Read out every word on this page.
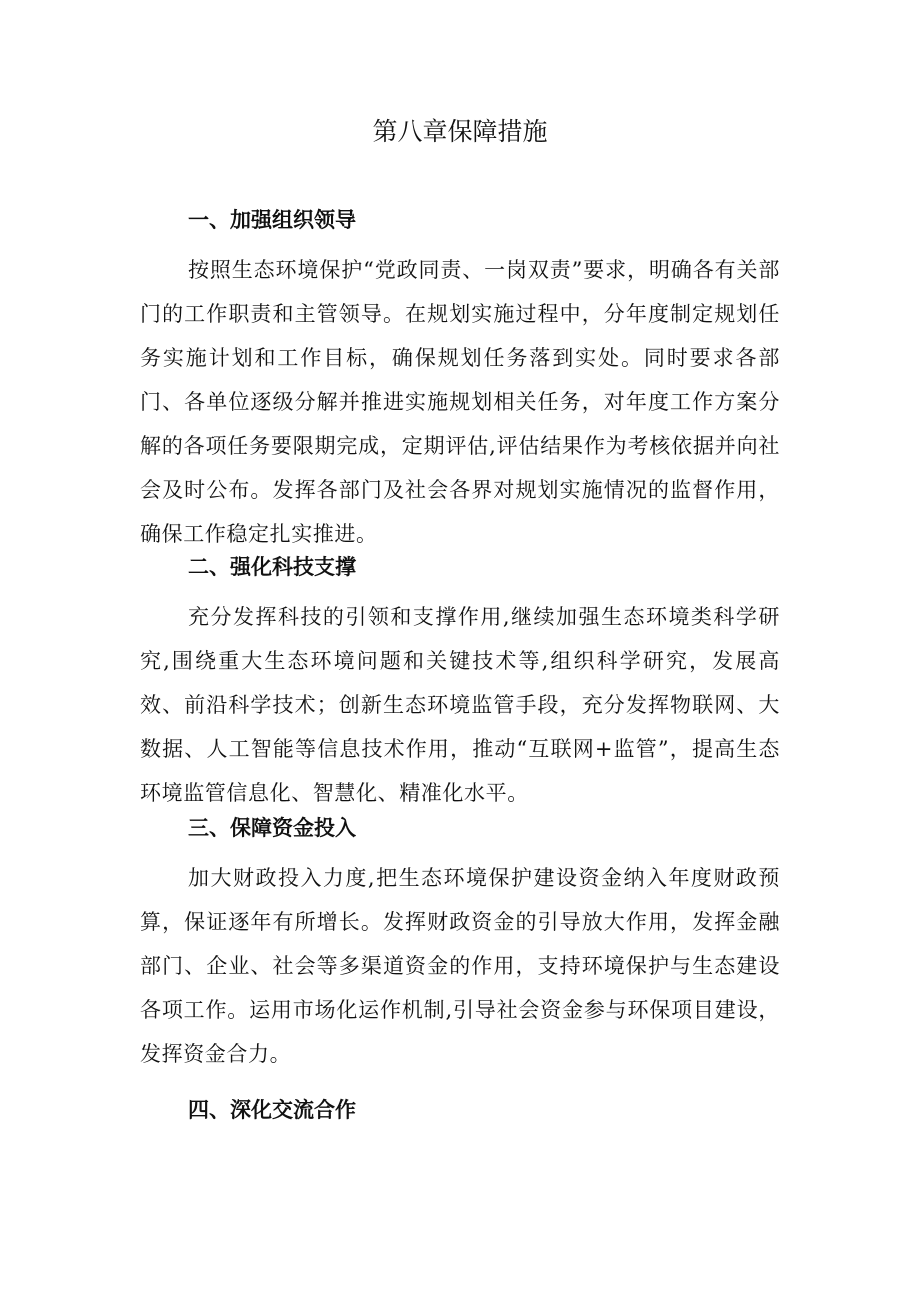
第八章保障措施
一、加强组织领导

按照生态环境保护“党政同责、一岗双责”要求，明确各有关部门的工作职责和主管领导。在规划实施过程中，分年度制定规划任务实施计划和工作目标，确保规划任务落到实处。同时要求各部门、各单位逐级分解并推进实施规划相关任务，对年度工作方案分解的各项任务要限期完成，定期评估,评估结果作为考核依据并向社会及时公布。发挥各部门及社会各界对规划实施情况的监督作用，确保工作稳定扎实推进。

二、强化科技支撑

充分发挥科技的引领和支撑作用,继续加强生态环境类科学研究,围绕重大生态环境问题和关键技术等,组织科学研究，发展高效、前沿科学技术；创新生态环境监管手段，充分发挥物联网、大数据、人工智能等信息技术作用，推动“互联网+监管”，提高生态环境监管信息化、智慧化、精准化水平。

三、保障资金投入

加大财政投入力度,把生态环境保护建设资金纳入年度财政预算，保证逐年有所增长。发挥财政资金的引导放大作用，发挥金融部门、企业、社会等多渠道资金的作用，支持环境保护与生态建设各项工作。运用市场化运作机制,引导社会资金参与环保项目建设，发挥资金合力。

四、深化交流合作
